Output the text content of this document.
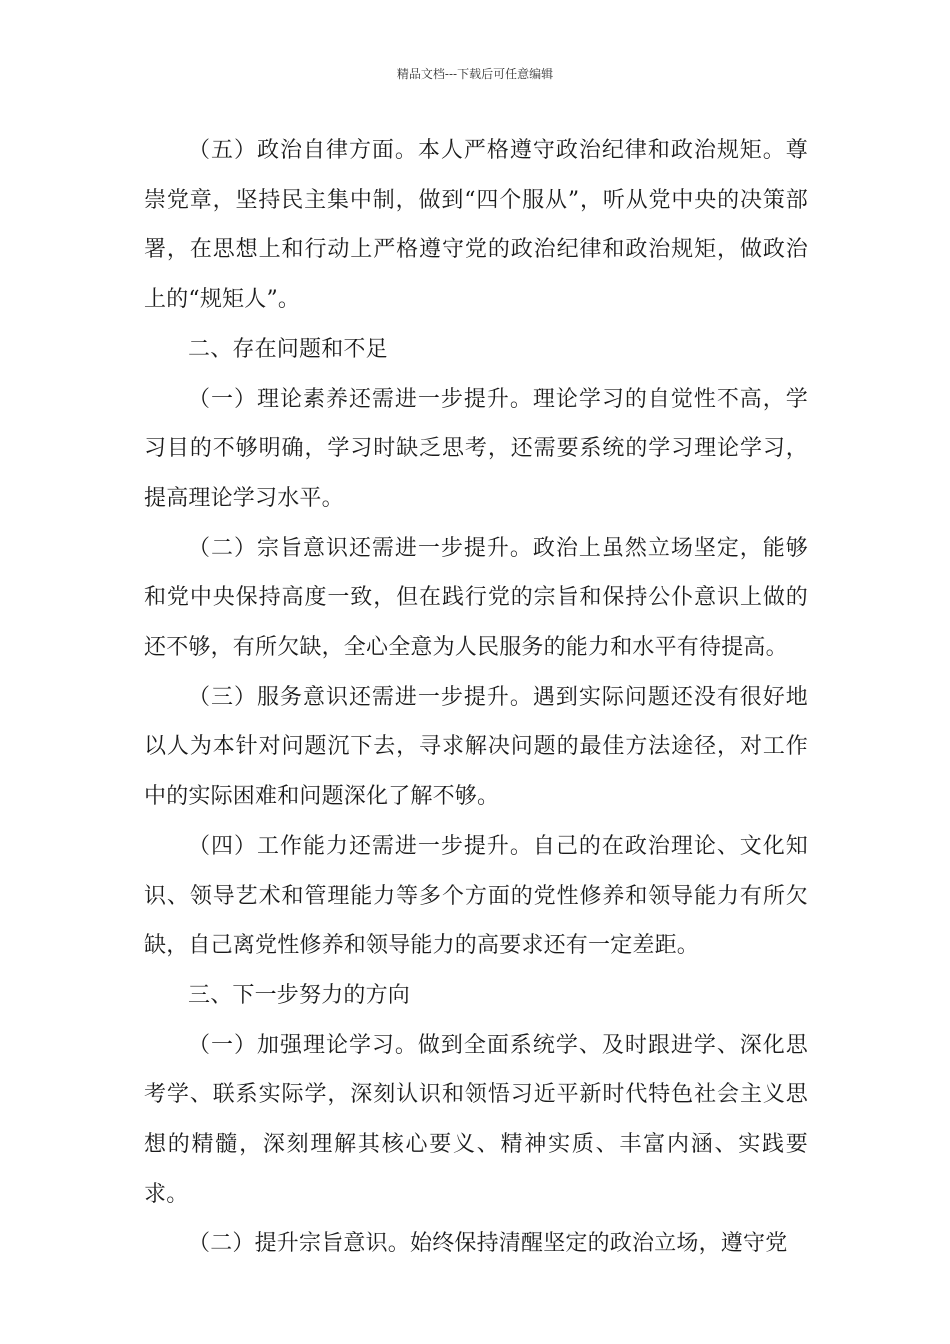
精品文档---下载后可任意编辑

（五）政治自律方面。本人严格遵守政治纪律和政治规矩。尊崇党章，坚持民主集中制，做到“四个服从”，听从党中央的决策部署，在思想上和行动上严格遵守党的政治纪律和政治规矩，做政治上的“规矩人”。

二、存在问题和不足

（一）理论素养还需进一步提升。理论学习的自觉性不高，学习目的不够明确，学习时缺乏思考，还需要系统的学习理论学习，提高理论学习水平。

（二）宗旨意识还需进一步提升。政治上虽然立场坚定，能够和党中央保持高度一致，但在践行党的宗旨和保持公仆意识上做的还不够，有所欠缺，全心全意为人民服务的能力和水平有待提高。

（三）服务意识还需进一步提升。遇到实际问题还没有很好地以人为本针对问题沉下去，寻求解决问题的最佳方法途径，对工作中的实际困难和问题深化了解不够。

（四）工作能力还需进一步提升。自己的在政治理论、文化知识、领导艺术和管理能力等多个方面的党性修养和领导能力有所欠缺，自己离党性修养和领导能力的高要求还有一定差距。

三、下一步努力的方向

（一）加强理论学习。做到全面系统学、及时跟进学、深化思考学、联系实际学，深刻认识和领悟习近平新时代特色社会主义思想的精髓，深刻理解其核心要义、精神实质、丰富内涵、实践要求。

（二）提升宗旨意识。始终保持清醒坚定的政治立场，遵守党
